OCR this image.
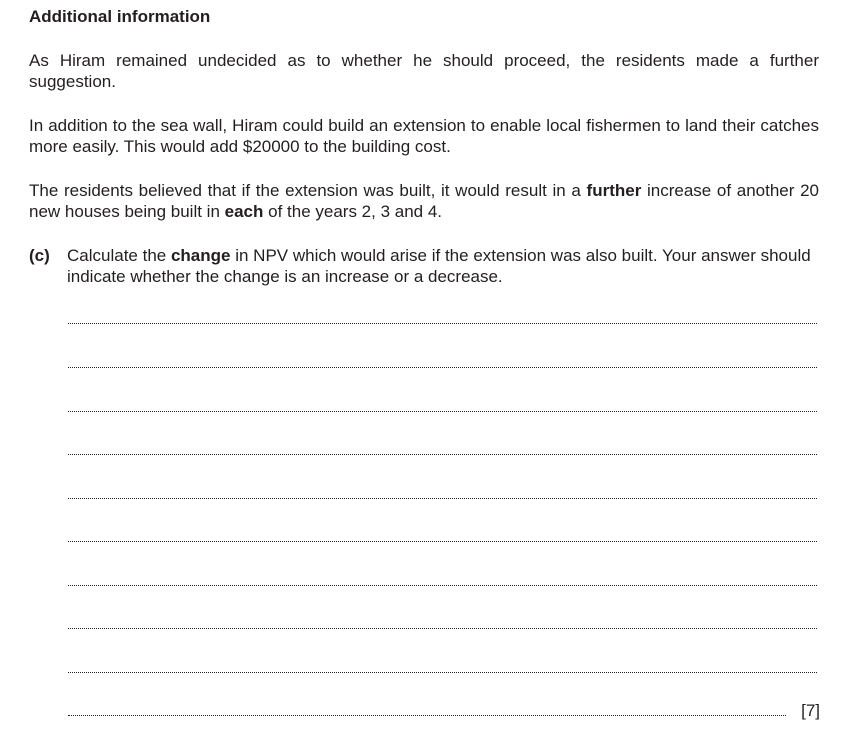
Additional information
As Hiram remained undecided as to whether he should proceed, the residents made a further suggestion.
In addition to the sea wall, Hiram could build an extension to enable local fishermen to land their catches more easily. This would add $20000 to the building cost.
The residents believed that if the extension was built, it would result in a further increase of another 20 new houses being built in each of the years 2, 3 and 4.
(c) Calculate the change in NPV which would arise if the extension was also built. Your answer should indicate whether the change is an increase or a decrease.
[7]
